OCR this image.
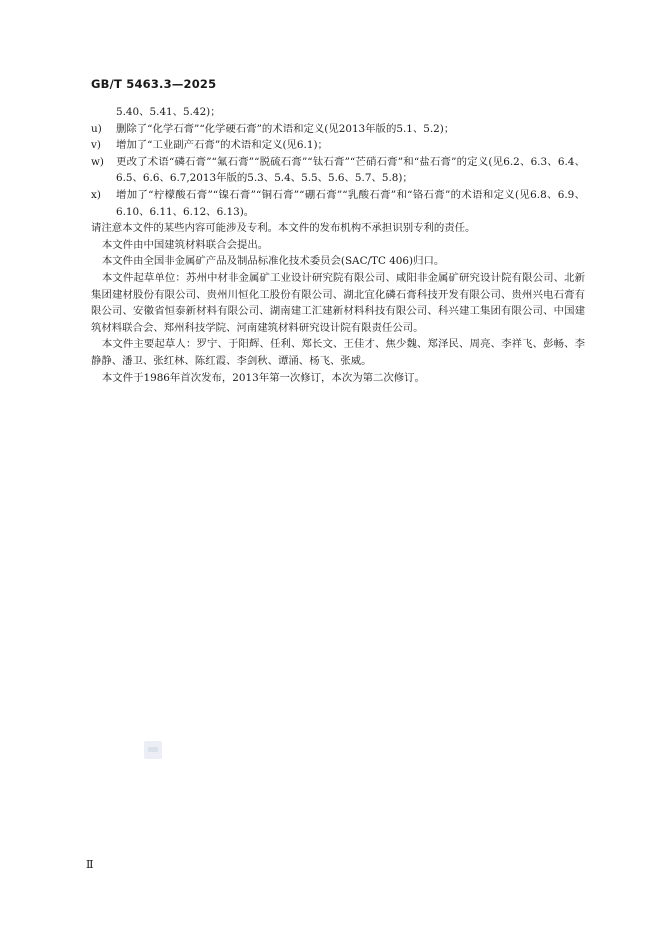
GB/T 5463.3—2025
5.40、5.41、5.42)；
u) 删除了“化学石膏”“化学硬石膏”的术语和定义(见2013年版的5.1、5.2)；
v) 增加了“工业副产石膏”的术语和定义(见6.1)；
w) 更改了术语“磷石膏”“氟石膏”“脱硫石膏”“钛石膏”“芒硝石膏”和“盐石膏”的定义(见6.2、6.3、6.4、6.5、6.6、6.7,2013年版的5.3、5.4、5.5、5.6、5.7、5.8)；
x) 增加了“柠檬酸石膏”“镍石膏”“铜石膏”“硼石膏”“乳酸石膏”和“铬石膏”的术语和定义(见6.8、6.9、6.10、6.11、6.12、6.13)。
请注意本文件的某些内容可能涉及专利。本文件的发布机构不承担识别专利的责任。
本文件由中国建筑材料联合会提出。
本文件由全国非金属矿产品及制品标准化技术委员会(SAC/TC 406)归口。
本文件起草单位：苏州中材非金属矿工业设计研究院有限公司、咸阳非金属矿研究设计院有限公司、北新集团建材股份有限公司、贵州川恒化工股份有限公司、湖北宜化磷石膏科技开发有限公司、贵州兴电石膏有限公司、安徽省恒泰新材料有限公司、湖南建工汇建新材料科技有限公司、科兴建工集团有限公司、中国建筑材料联合会、郑州科技学院、河南建筑材料研究设计院有限责任公司。
本文件主要起草人：罗宁、于阳辉、任利、郑长文、王佳才、焦少魏、郑泽民、周亮、李祥飞、彭畅、李静静、潘卫、张红林、陈红霞、李剑秋、谭涌、杨飞、张威。
本文件于1986年首次发布，2013年第一次修订，本次为第二次修订。
Ⅱ
